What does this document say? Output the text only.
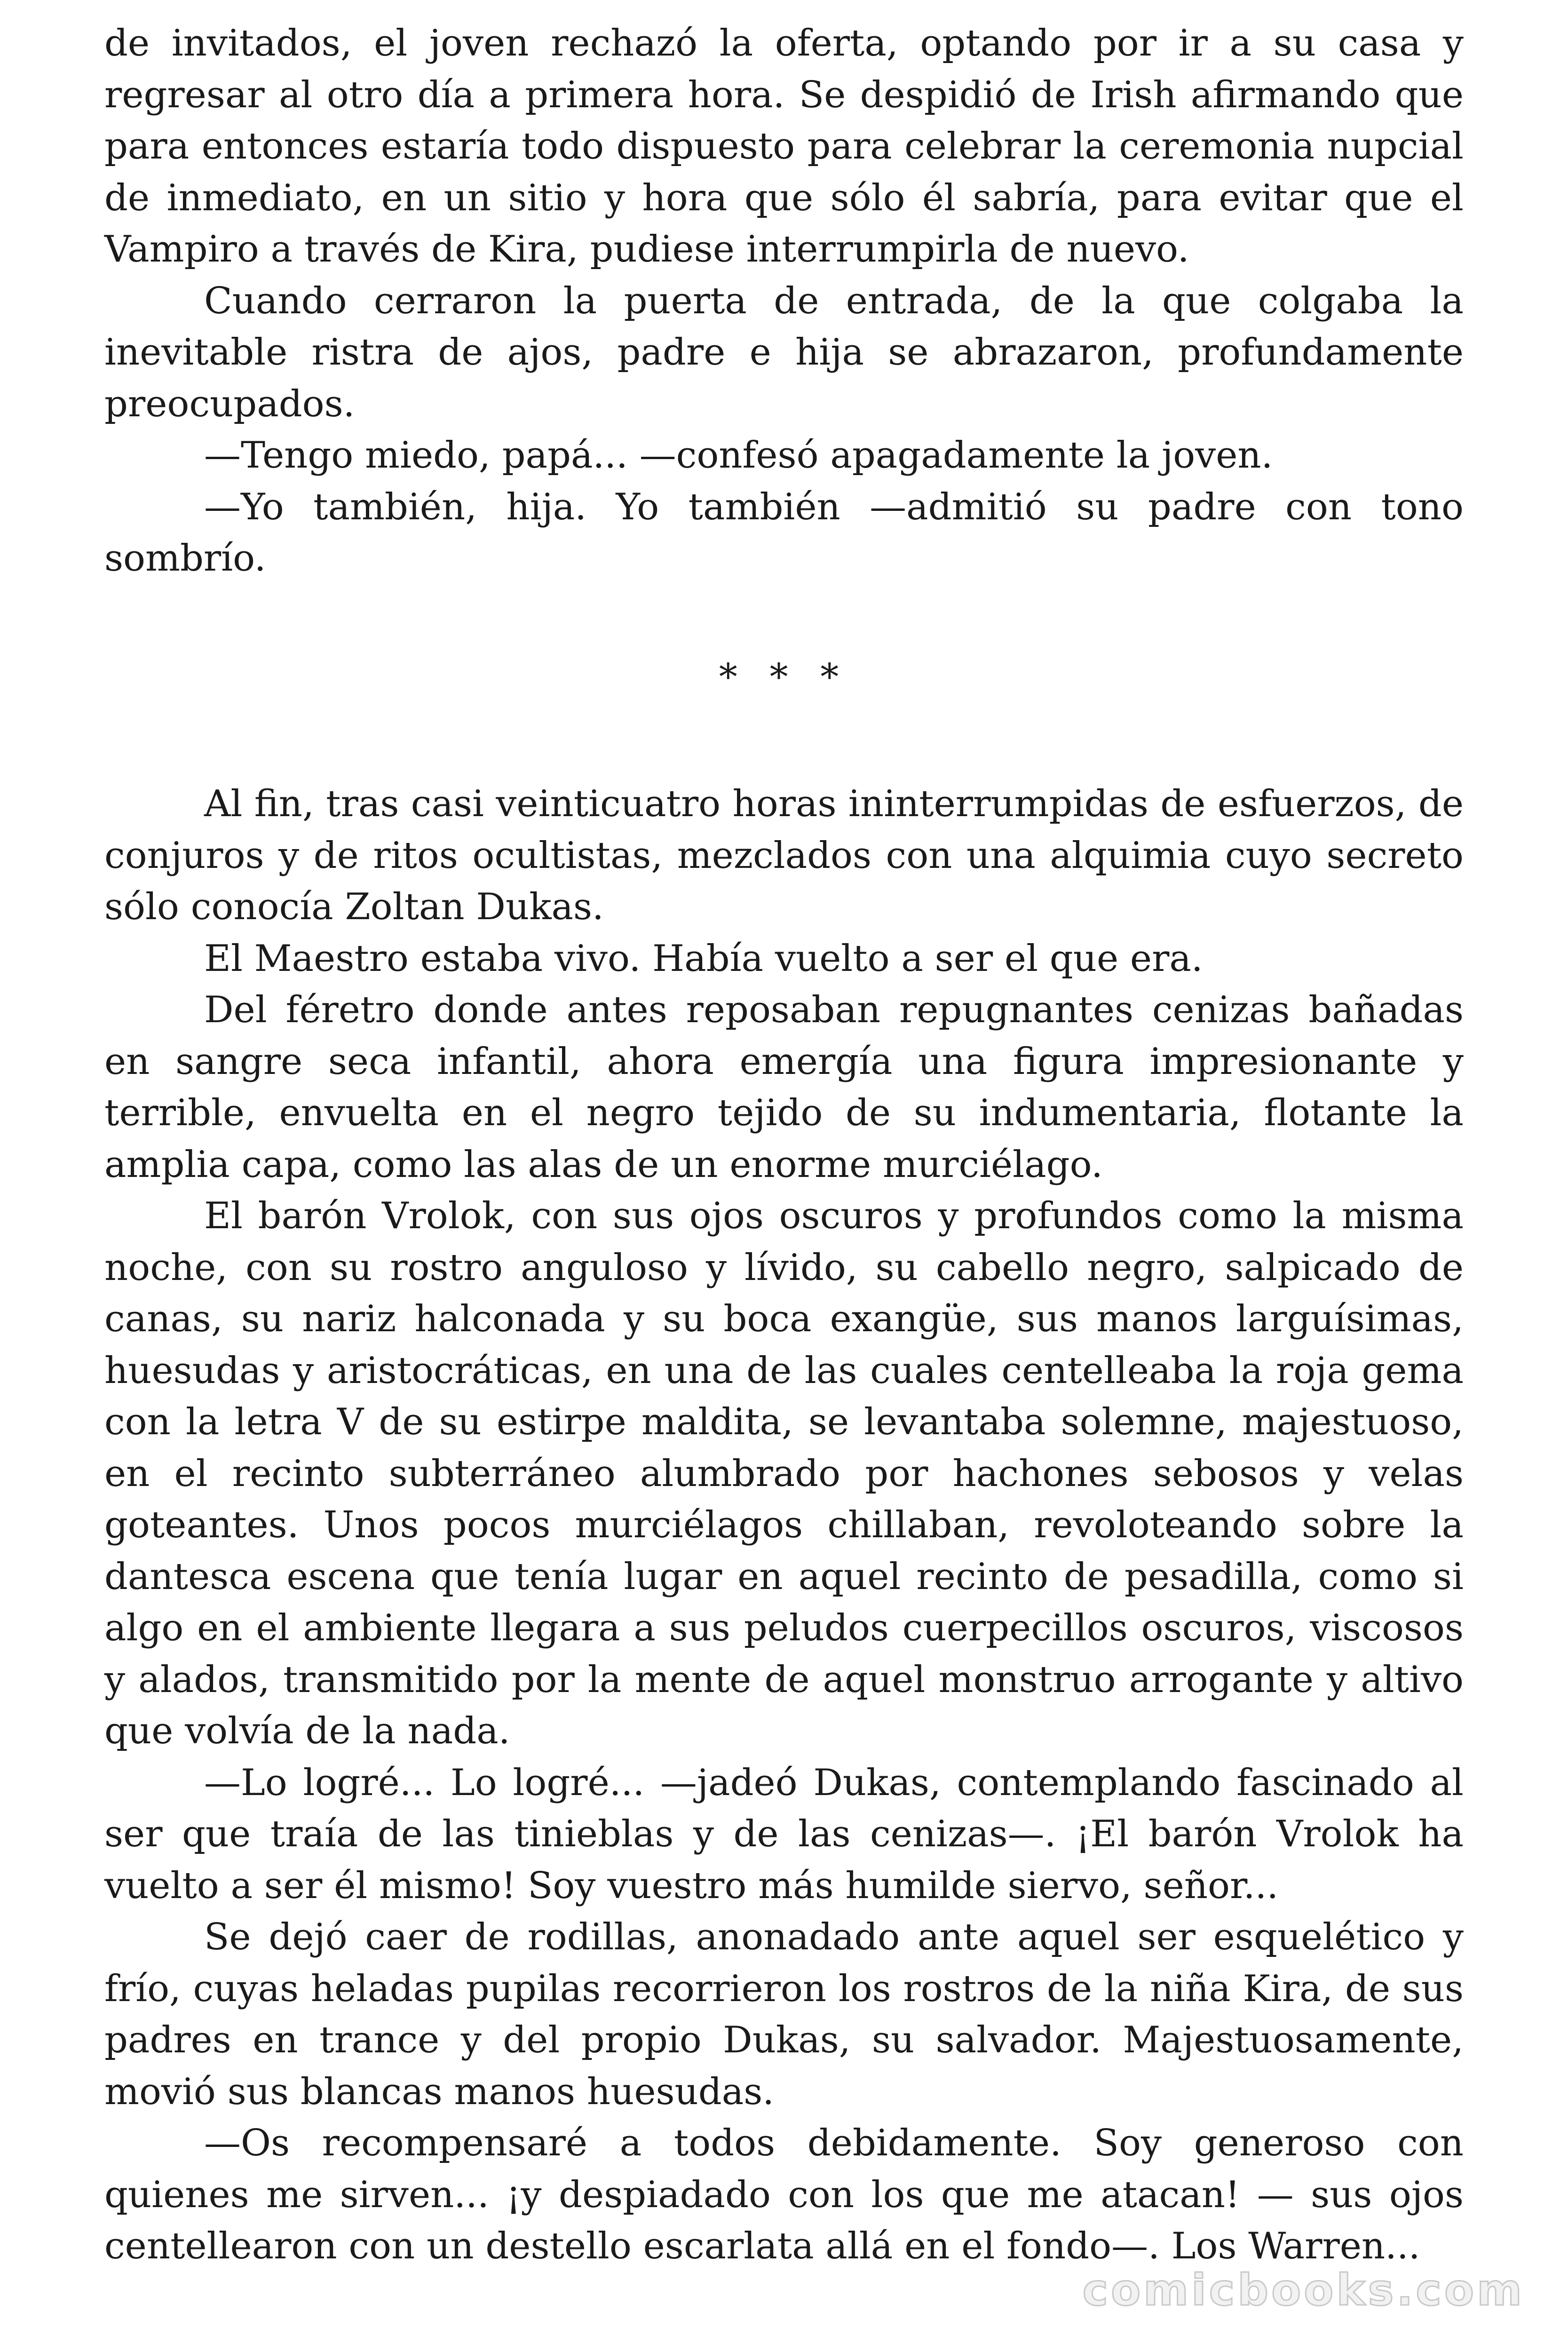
de invitados, el joven rechazó la oferta, optando por ir a su casa y regresar al otro día a primera hora. Se despidió de Irish afirmando que para entonces estaría todo dispuesto para celebrar la ceremonia nupcial de inmediato, en un sitio y hora que sólo él sabría, para evitar que el Vampiro a través de Kira, pudiese interrumpirla de nuevo.

Cuando cerraron la puerta de entrada, de la que colgaba la inevitable ristra de ajos, padre e hija se abrazaron, profundamente preocupados.

—Tengo miedo, papá... —confesó apagadamente la joven.

—Yo también, hija. Yo también —admitió su padre con tono sombrío.

* * *

Al fin, tras casi veinticuatro horas ininterrumpidas de esfuerzos, de conjuros y de ritos ocultistas, mezclados con una alquimia cuyo secreto sólo conocía Zoltan Dukas.

El Maestro estaba vivo. Había vuelto a ser el que era.

Del féretro donde antes reposaban repugnantes cenizas bañadas en sangre seca infantil, ahora emergía una figura impresionante y terrible, envuelta en el negro tejido de su indumentaria, flotante la amplia capa, como las alas de un enorme murciélago.

El barón Vrolok, con sus ojos oscuros y profundos como la misma noche, con su rostro anguloso y lívido, su cabello negro, salpicado de canas, su nariz halconada y su boca exangüe, sus manos larguísimas, huesudas y aristocráticas, en una de las cuales centelleaba la roja gema con la letra V de su estirpe maldita, se levantaba solemne, majestuoso, en el recinto subterráneo alumbrado por hachones sebosos y velas goteantes. Unos pocos murciélagos chillaban, revoloteando sobre la dantesca escena que tenía lugar en aquel recinto de pesadilla, como si algo en el ambiente llegara a sus peludos cuerpecillos oscuros, viscosos y alados, transmitido por la mente de aquel monstruo arrogante y altivo que volvía de la nada.

—Lo logré... Lo logré... —jadeó Dukas, contemplando fascinado al ser que traía de las tinieblas y de las cenizas—. ¡El barón Vrolok ha vuelto a ser él mismo! Soy vuestro más humilde siervo, señor...

Se dejó caer de rodillas, anonadado ante aquel ser esquelético y frío, cuyas heladas pupilas recorrieron los rostros de la niña Kira, de sus padres en trance y del propio Dukas, su salvador. Majestuosamente, movió sus blancas manos huesudas.

—Os recompensaré a todos debidamente. Soy generoso con quienes me sirven... ¡y despiadado con los que me atacan! — sus ojos centellearon con un destello escarlata allá en el fondo—. Los Warren...

comicbooks.com
